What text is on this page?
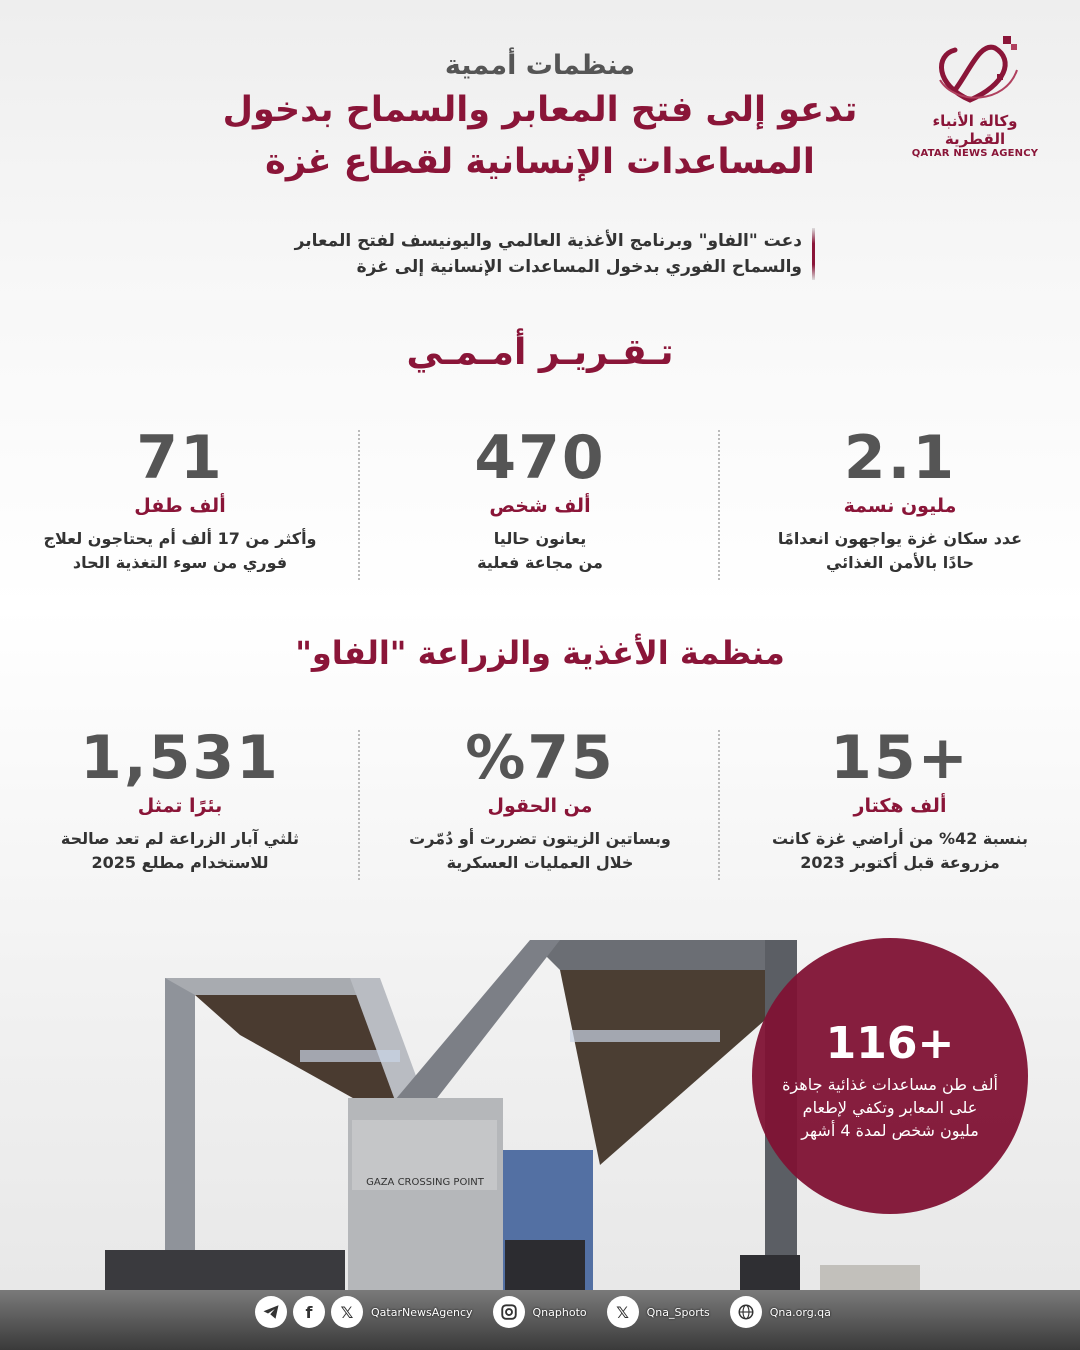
وكالة الأنباء القطرية
QATAR NEWS AGENCY
منظمات أممية
تدعو إلى فتح المعابر والسماح بدخول
المساعدات الإنسانية لقطاع غزة
دعت "الفاو" وبرنامج الأغذية العالمي واليونيسف لفتح المعابر
والسماح الفوري بدخول المساعدات الإنسانية إلى غزة
تـقـريـر أمـمـي
2.1
مليون نسمة
عدد سكان غزة يواجهون انعدامًا
حادًا بالأمن الغذائي
470
ألف شخص
يعانون حاليا
من مجاعة فعلية
71
ألف طفل
وأكثر من 17 ألف أم يحتاجون لعلاج
فوري من سوء التغذية الحاد
منظمة الأغذية والزراعة "الفاو"
15+
ألف هكتار
بنسبة 42% من أراضي غزة كانت
مزروعة قبل أكتوبر 2023
%75
من الحقول
وبساتين الزيتون تضررت أو دُمّرت
خلال العمليات العسكرية
1,531
بئرًا تمثل
ثلثي آبار الزراعة لم تعد صالحة
للاستخدام مطلع 2025
GAZA CROSSING POINT
116+
ألف طن مساعدات غذائية جاهزة
على المعابر وتكفي لإطعام
مليون شخص لمدة 4 أشهر
f	𝕏	QatarNewsAgency	Qnaphoto	𝕏	Qna_Sports	Qna.org.qa
